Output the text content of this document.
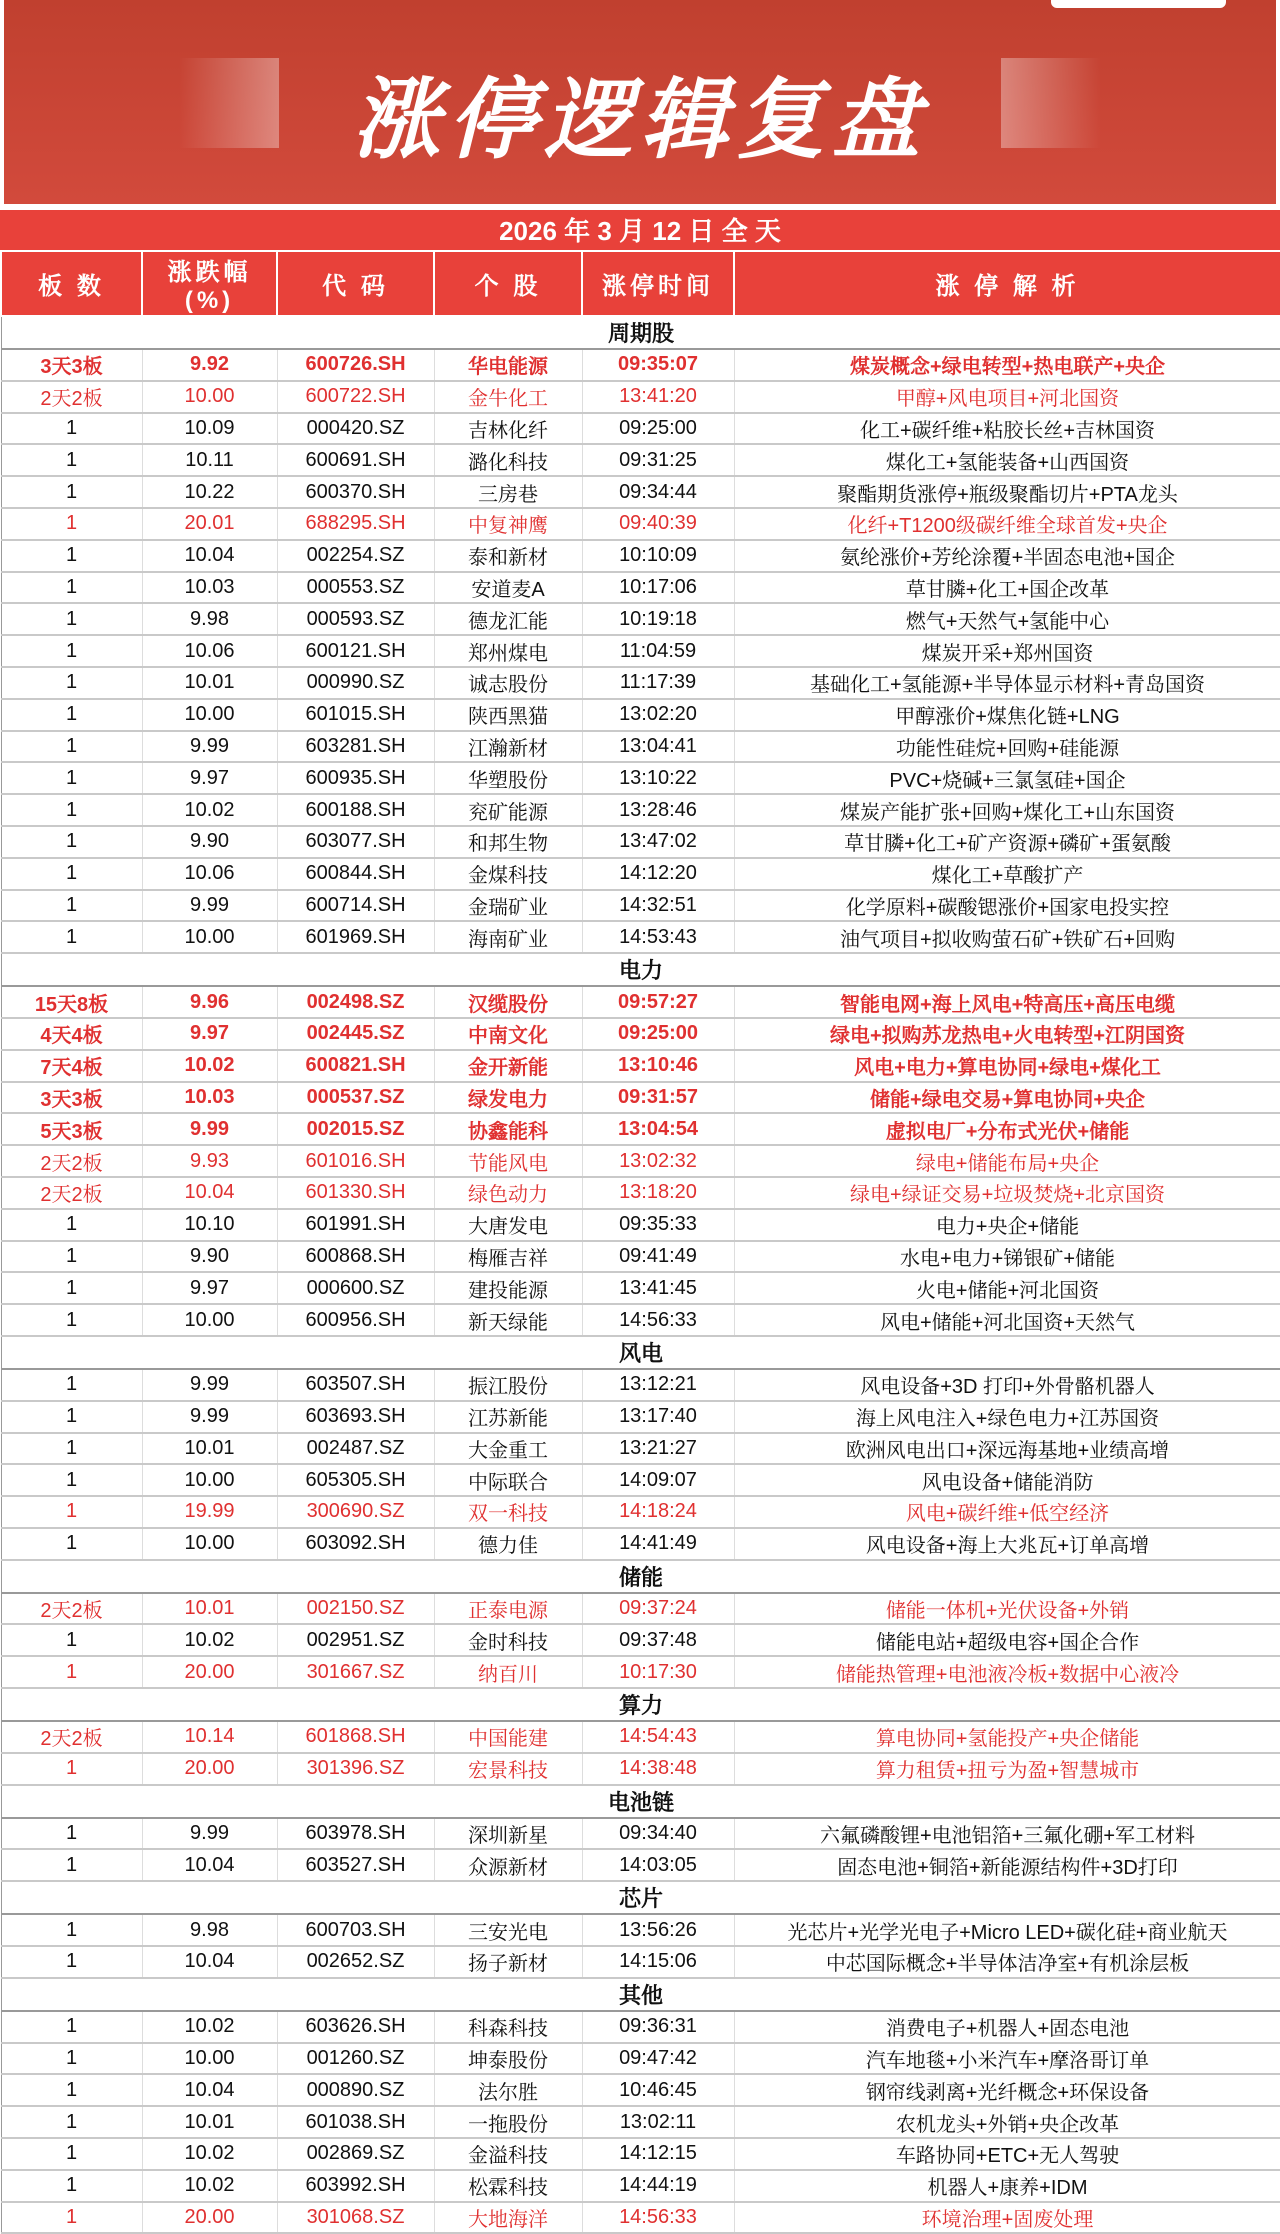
涨停逻辑复盘
2026 年 3 月 12 日 全 天
板 数	涨跌幅(%)	代 码	个 股	涨停时间	涨 停 解 析
周期股					
3天3板	9.92	600726.SH	华电能源	09:35:07	煤炭概念+绿电转型+热电联产+央企
2天2板	10.00	600722.SH	金牛化工	13:41:20	甲醇+风电项目+河北国资
1	10.09	000420.SZ	吉林化纤	09:25:00	化工+碳纤维+粘胶长丝+吉林国资
1	10.11	600691.SH	潞化科技	09:31:25	煤化工+氢能装备+山西国资
1	10.22	600370.SH	三房巷	09:34:44	聚酯期货涨停+瓶级聚酯切片+PTA龙头
1	20.01	688295.SH	中复神鹰	09:40:39	化纤+T1200级碳纤维全球首发+央企
1	10.04	002254.SZ	泰和新材	10:10:09	氨纶涨价+芳纶涂覆+半固态电池+国企
1	10.03	000553.SZ	安道麦A	10:17:06	草甘膦+化工+国企改革
1	9.98	000593.SZ	德龙汇能	10:19:18	燃气+天然气+氢能中心
1	10.06	600121.SH	郑州煤电	11:04:59	煤炭开采+郑州国资
1	10.01	000990.SZ	诚志股份	11:17:39	基础化工+氢能源+半导体显示材料+青岛国资
1	10.00	601015.SH	陕西黑猫	13:02:20	甲醇涨价+煤焦化链+LNG
1	9.99	603281.SH	江瀚新材	13:04:41	功能性硅烷+回购+硅能源
1	9.97	600935.SH	华塑股份	13:10:22	PVC+烧碱+三氯氢硅+国企
1	10.02	600188.SH	兖矿能源	13:28:46	煤炭产能扩张+回购+煤化工+山东国资
1	9.90	603077.SH	和邦生物	13:47:02	草甘膦+化工+矿产资源+磷矿+蛋氨酸
1	10.06	600844.SH	金煤科技	14:12:20	煤化工+草酸扩产
1	9.99	600714.SH	金瑞矿业	14:32:51	化学原料+碳酸锶涨价+国家电投实控
1	10.00	601969.SH	海南矿业	14:53:43	油气项目+拟收购萤石矿+铁矿石+回购
电力					
15天8板	9.96	002498.SZ	汉缆股份	09:57:27	智能电网+海上风电+特高压+高压电缆
4天4板	9.97	002445.SZ	中南文化	09:25:00	绿电+拟购苏龙热电+火电转型+江阴国资
7天4板	10.02	600821.SH	金开新能	13:10:46	风电+电力+算电协同+绿电+煤化工
3天3板	10.03	000537.SZ	绿发电力	09:31:57	储能+绿电交易+算电协同+央企
5天3板	9.99	002015.SZ	协鑫能科	13:04:54	虚拟电厂+分布式光伏+储能
2天2板	9.93	601016.SH	节能风电	13:02:32	绿电+储能布局+央企
2天2板	10.04	601330.SH	绿色动力	13:18:20	绿电+绿证交易+垃圾焚烧+北京国资
1	10.10	601991.SH	大唐发电	09:35:33	电力+央企+储能
1	9.90	600868.SH	梅雁吉祥	09:41:49	水电+电力+锑银矿+储能
1	9.97	000600.SZ	建投能源	13:41:45	火电+储能+河北国资
1	10.00	600956.SH	新天绿能	14:56:33	风电+储能+河北国资+天然气
风电					
1	9.99	603507.SH	振江股份	13:12:21	风电设备+3D 打印+外骨骼机器人
1	9.99	603693.SH	江苏新能	13:17:40	海上风电注入+绿色电力+江苏国资
1	10.01	002487.SZ	大金重工	13:21:27	欧洲风电出口+深远海基地+业绩高增
1	10.00	605305.SH	中际联合	14:09:07	风电设备+储能消防
1	19.99	300690.SZ	双一科技	14:18:24	风电+碳纤维+低空经济
1	10.00	603092.SH	德力佳	14:41:49	风电设备+海上大兆瓦+订单高增
储能					
2天2板	10.01	002150.SZ	正泰电源	09:37:24	储能一体机+光伏设备+外销
1	10.02	002951.SZ	金时科技	09:37:48	储能电站+超级电容+国企合作
1	20.00	301667.SZ	纳百川	10:17:30	储能热管理+电池液冷板+数据中心液冷
算力					
2天2板	10.14	601868.SH	中国能建	14:54:43	算电协同+氢能投产+央企储能
1	20.00	301396.SZ	宏景科技	14:38:48	算力租赁+扭亏为盈+智慧城市
电池链					
1	9.99	603978.SH	深圳新星	09:34:40	六氟磷酸锂+电池铝箔+三氟化硼+军工材料
1	10.04	603527.SH	众源新材	14:03:05	固态电池+铜箔+新能源结构件+3D打印
芯片					
1	9.98	600703.SH	三安光电	13:56:26	光芯片+光学光电子+Micro LED+碳化硅+商业航天
1	10.04	002652.SZ	扬子新材	14:15:06	中芯国际概念+半导体洁净室+有机涂层板
其他					
1	10.02	603626.SH	科森科技	09:36:31	消费电子+机器人+固态电池
1	10.00	001260.SZ	坤泰股份	09:47:42	汽车地毯+小米汽车+摩洛哥订单
1	10.04	000890.SZ	法尔胜	10:46:45	钢帘线剥离+光纤概念+环保设备
1	10.01	601038.SH	一拖股份	13:02:11	农机龙头+外销+央企改革
1	10.02	002869.SZ	金溢科技	14:12:15	车路协同+ETC+无人驾驶
1	10.02	603992.SH	松霖科技	14:44:19	机器人+康养+IDM
1	20.00	301068.SZ	大地海洋	14:56:33	环境治理+固废处理
